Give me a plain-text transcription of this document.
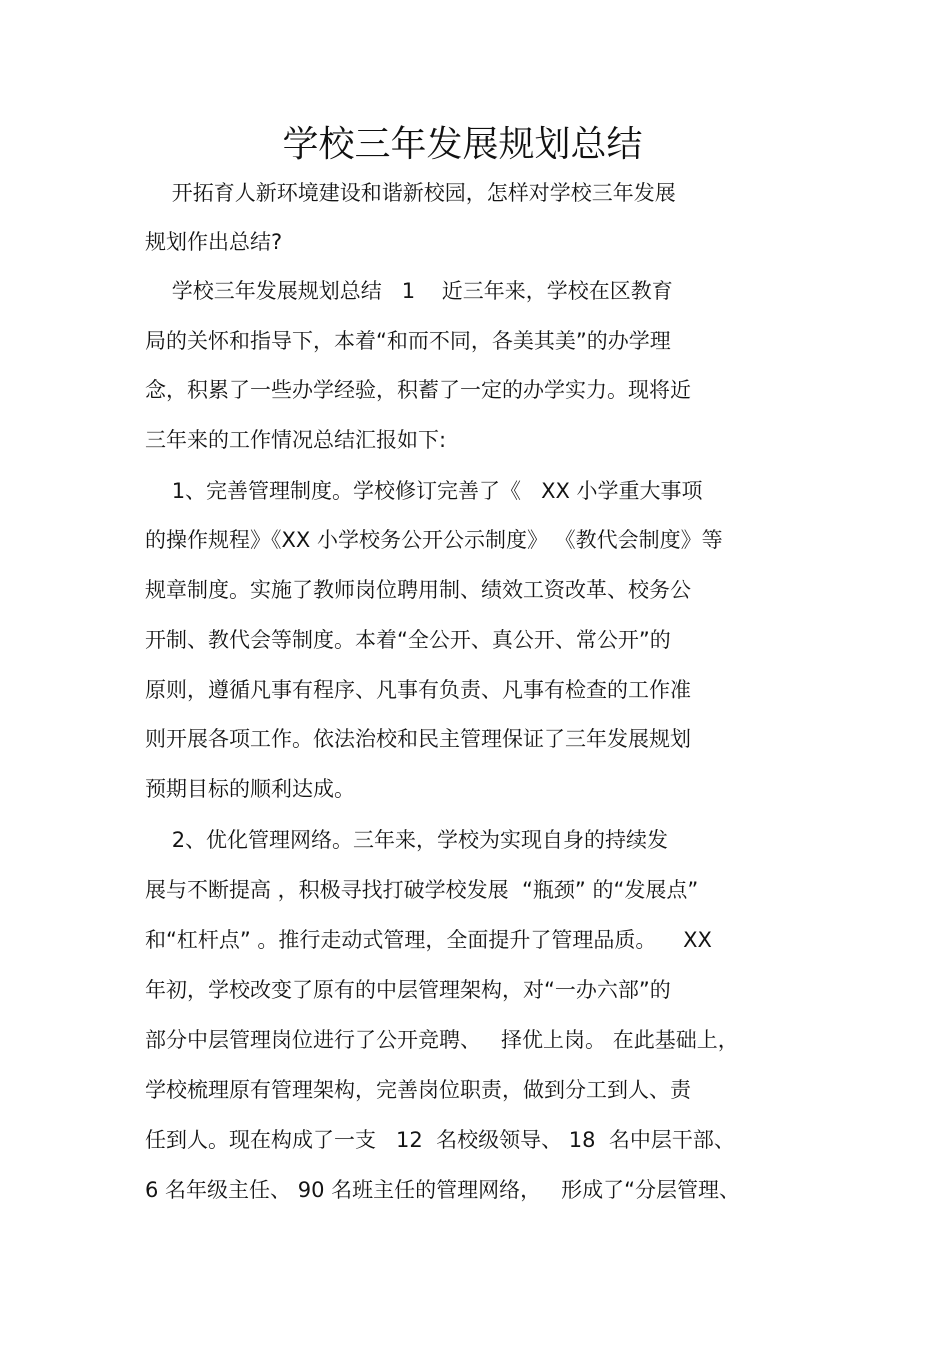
学校三年发展规划总结
开拓育人新环境建设和谐新校园，怎样对学校三年发展
规划作出总结?
学校三年发展规划总结   1    近三年来，学校在区教育
局的关怀和指导下，本着“和而不同，各美其美”的办学理
念，积累了一些办学经验，积蓄了一定的办学实力。现将近
三年来的工作情况总结汇报如下:
1、完善管理制度。学校修订完善了《   XX 小学重大事项
的操作规程》《XX 小学校务公开公示制度》 《教代会制度》等
规章制度。实施了教师岗位聘用制、绩效工资改革、校务公
开制、教代会等制度。本着“全公开、真公开、常公开”的
原则，遵循凡事有程序、凡事有负责、凡事有检查的工作准
则开展各项工作。依法治校和民主管理保证了三年发展规划
预期目标的顺利达成。
2、优化管理网络。三年来，学校为实现自身的持续发
展与不断提高 ，积极寻找打破学校发展  “瓶颈” 的“发展点”
和“杠杆点” 。推行走动式管理，全面提升了管理品质。    XX
年初，学校改变了原有的中层管理架构，对“一办六部”的
部分中层管理岗位进行了公开竞聘、   择优上岗。 在此基础上，
学校梳理原有管理架构，完善岗位职责，做到分工到人、责
任到人。现在构成了一支   12  名校级领导、 18  名中层干部、
6 名年级主任、 90 名班主任的管理网络，   形成了“分层管理、
